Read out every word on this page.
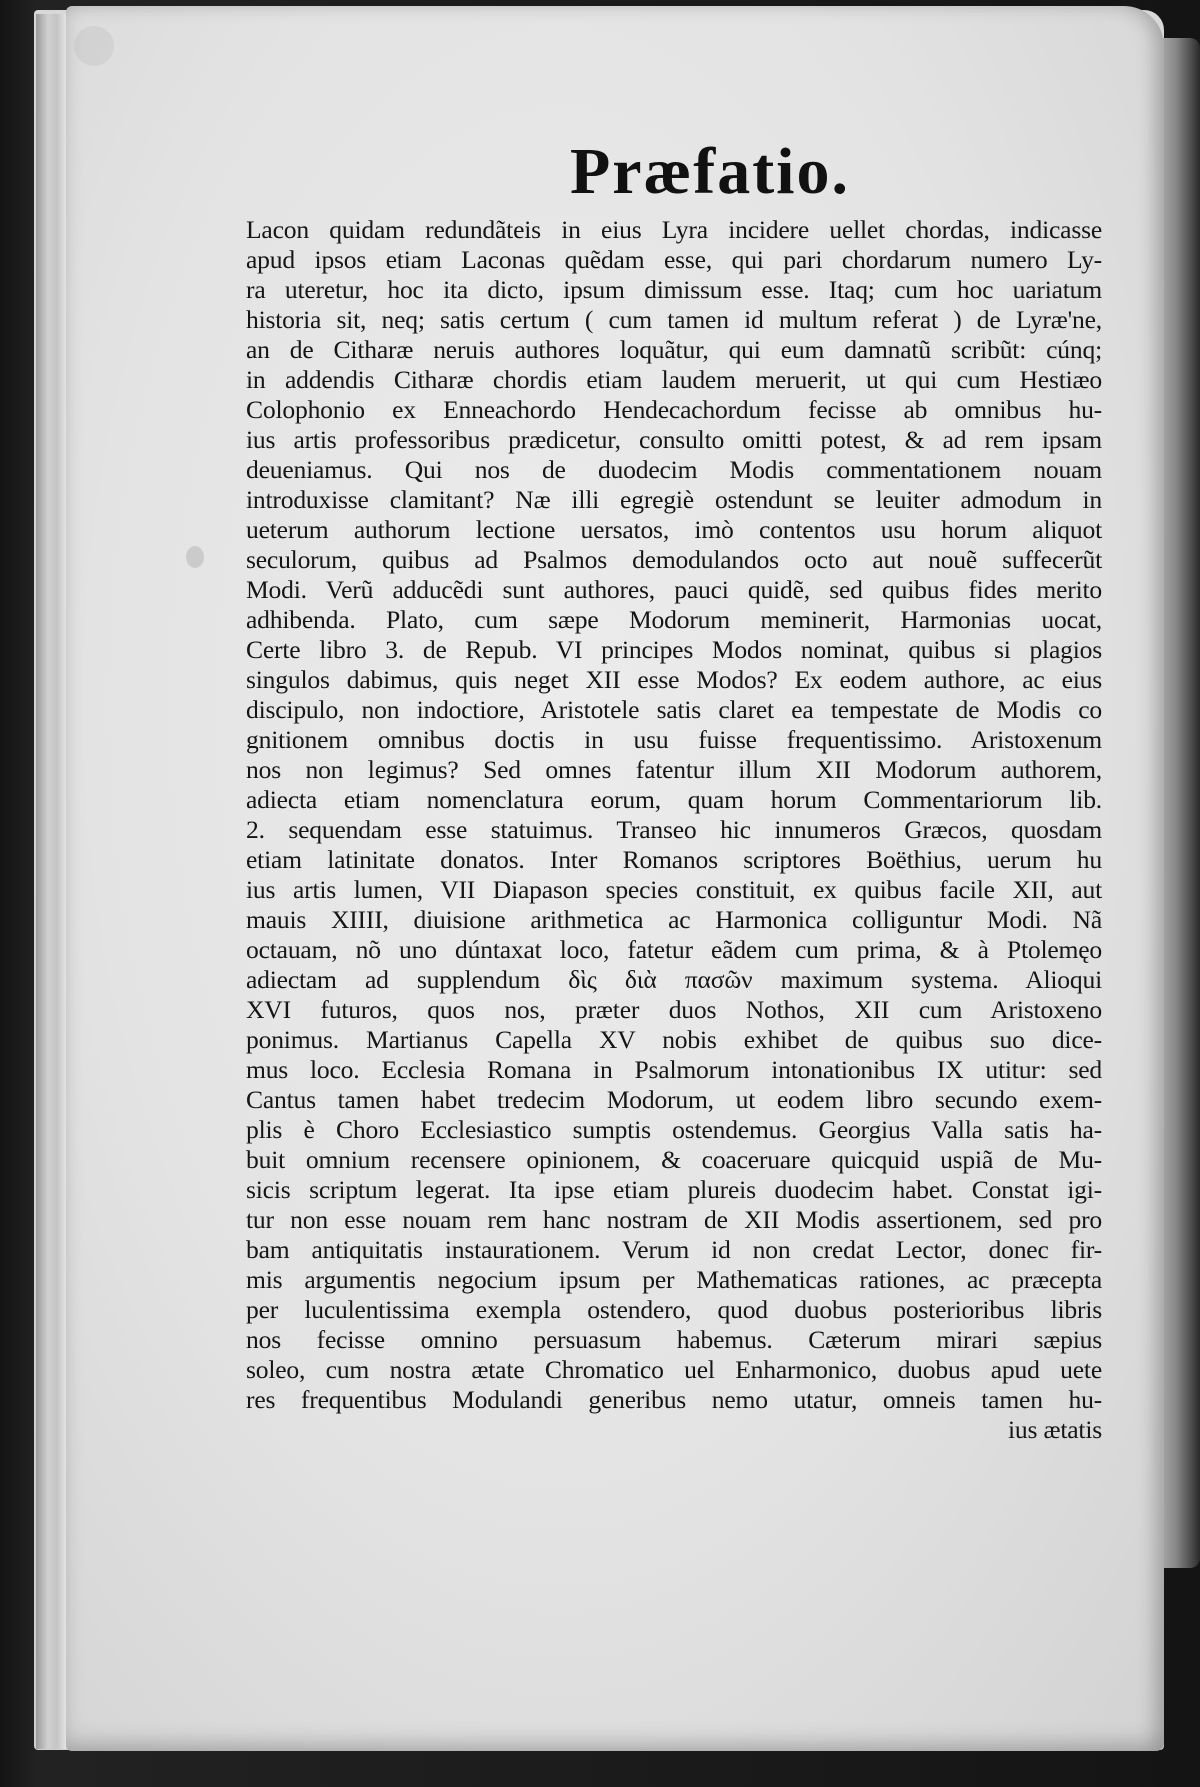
Præfatio.
Lacon quidam redundãteis in eius Lyra incidere uellet chordas, indicasse
apud ipsos etiam Laconas quẽdam esse, qui pari chordarum numero Ly-
ra uteretur, hoc ita dicto, ipsum dimissum esse. Itaq; cum hoc uariatum
historia sit, neq; satis certum ( cum tamen id multum referat ) de Lyræ'ne,
an de Citharæ neruis authores loquãtur, qui eum damnatũ scribũt: cúnq;
in addendis Citharæ chordis etiam laudem meruerit, ut qui cum Hestiæo
Colophonio ex Enneachordo Hendecachordum fecisse ab omnibus hu-
ius artis professoribus prædicetur, consulto omitti potest, & ad rem ipsam
deueniamus. Qui nos de duodecim Modis commentationem nouam
introduxisse clamitant? Næ illi egregiè ostendunt se leuiter admodum in
ueterum authorum lectione uersatos, imò contentos usu horum aliquot
seculorum, quibus ad Psalmos demodulandos octo aut nouẽ suffecerũt
Modi. Verũ adducẽdi sunt authores, pauci quidẽ, sed quibus fides merito
adhibenda. Plato, cum sæpe Modorum meminerit, Harmonias uocat,
Certe libro 3. de Repub. VI principes Modos nominat, quibus si plagios
singulos dabimus, quis neget XII esse Modos? Ex eodem authore, ac eius
discipulo, non indoctiore, Aristotele satis claret ea tempestate de Modis co
gnitionem omnibus doctis in usu fuisse frequentissimo. Aristoxenum
nos non legimus? Sed omnes fatentur illum XII Modorum authorem,
adiecta etiam nomenclatura eorum, quam horum Commentariorum lib.
2. sequendam esse statuimus. Transeo hic innumeros Græcos, quosdam
etiam latinitate donatos. Inter Romanos scriptores Boëthius, uerum hu
ius artis lumen, VII Diapason species constituit, ex quibus facile XII, aut
mauis XIIII, diuisione arithmetica ac Harmonica colliguntur Modi. Nã
octauam, nõ uno dúntaxat loco, fatetur eãdem cum prima, & à Ptolemęo
adiectam ad supplendum δὶς διὰ πασῶν maximum systema. Alioqui
XVI futuros, quos nos, præter duos Nothos, XII cum Aristoxeno
ponimus. Martianus Capella XV nobis exhibet de quibus suo dice-
mus loco. Ecclesia Romana in Psalmorum intonationibus IX utitur: sed
Cantus tamen habet tredecim Modorum, ut eodem libro secundo exem-
plis è Choro Ecclesiastico sumptis ostendemus. Georgius Valla satis ha-
buit omnium recensere opinionem, & coaceruare quicquid uspiã de Mu-
sicis scriptum legerat. Ita ipse etiam plureis duodecim habet. Constat igi-
tur non esse nouam rem hanc nostram de XII Modis assertionem, sed pro
bam antiquitatis instaurationem. Verum id non credat Lector, donec fir-
mis argumentis negocium ipsum per Mathematicas rationes, ac præcepta
per luculentissima exempla ostendero, quod duobus posterioribus libris
nos fecisse omnino persuasum habemus. Cæterum mirari sæpius
soleo, cum nostra ætate Chromatico uel Enharmonico, duobus apud uete
res frequentibus Modulandi generibus nemo utatur, omneis tamen hu-
ius ætatis
